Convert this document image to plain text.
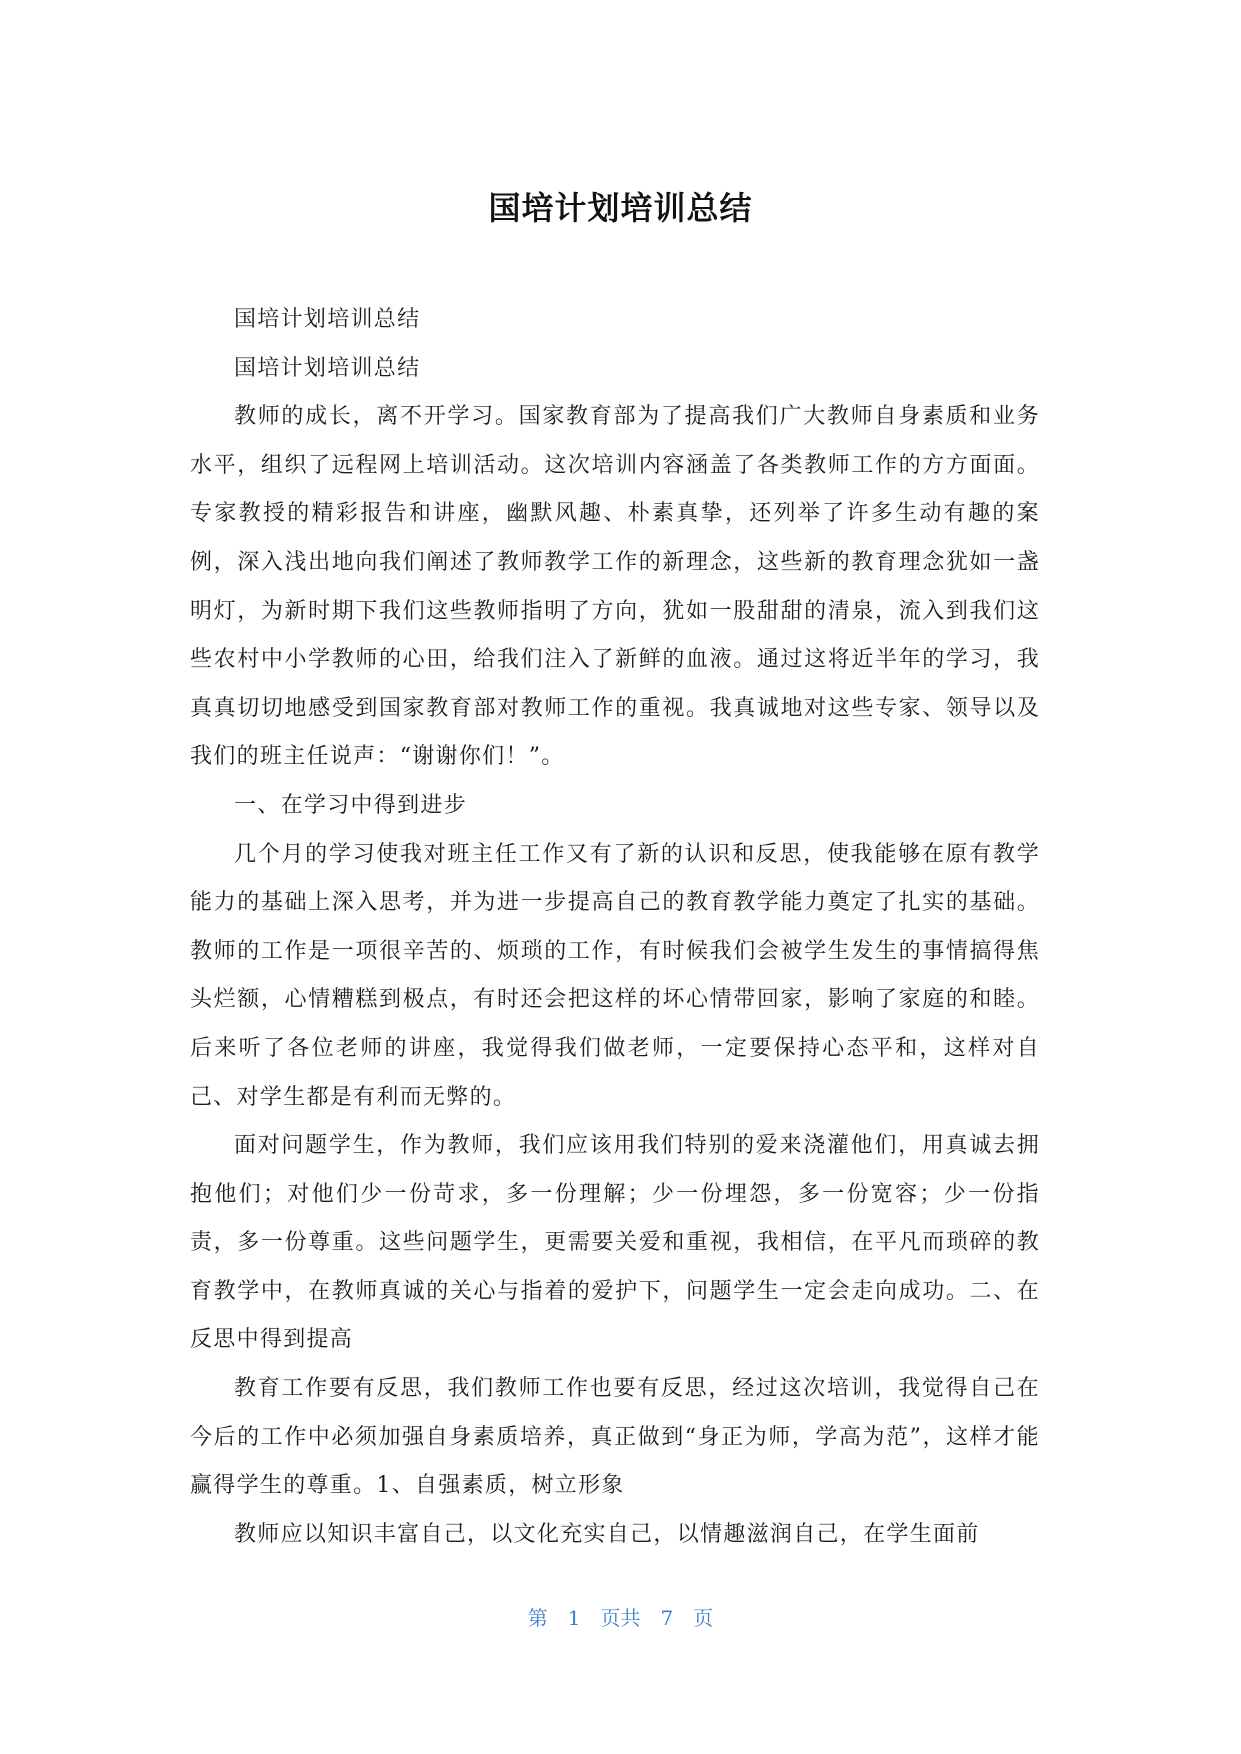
国培计划培训总结

国培计划培训总结

国培计划培训总结

教师的成长，离不开学习。国家教育部为了提高我们广大教师自身素质和业务水平，组织了远程网上培训活动。这次培训内容涵盖了各类教师工作的方方面面。专家教授的精彩报告和讲座，幽默风趣、朴素真挚，还列举了许多生动有趣的案例，深入浅出地向我们阐述了教师教学工作的新理念，这些新的教育理念犹如一盏明灯，为新时期下我们这些教师指明了方向，犹如一股甜甜的清泉，流入到我们这些农村中小学教师的心田，给我们注入了新鲜的血液。通过这将近半年的学习，我真真切切地感受到国家教育部对教师工作的重视。我真诚地对这些专家、领导以及我们的班主任说声：“谢谢你们！”。

一、在学习中得到进步

几个月的学习使我对班主任工作又有了新的认识和反思，使我能够在原有教学能力的基础上深入思考，并为进一步提高自己的教育教学能力奠定了扎实的基础。教师的工作是一项很辛苦的、烦琐的工作，有时候我们会被学生发生的事情搞得焦头烂额，心情糟糕到极点，有时还会把这样的坏心情带回家，影响了家庭的和睦。后来听了各位老师的讲座，我觉得我们做老师，一定要保持心态平和，这样对自己、对学生都是有利而无弊的。

面对问题学生，作为教师，我们应该用我们特别的爱来浇灌他们，用真诚去拥抱他们；对他们少一份苛求，多一份理解；少一份埋怨，多一份宽容；少一份指责，多一份尊重。这些问题学生，更需要关爱和重视，我相信，在平凡而琐碎的教育教学中，在教师真诚的关心与指着的爱护下，问题学生一定会走向成功。二、在反思中得到提高

教育工作要有反思，我们教师工作也要有反思，经过这次培训，我觉得自己在今后的工作中必须加强自身素质培养，真正做到“身正为师，学高为范”，这样才能赢得学生的尊重。1、自强素质，树立形象

教师应以知识丰富自己，以文化充实自己，以情趣滋润自己，在学生面前

第 1 页共 7 页
